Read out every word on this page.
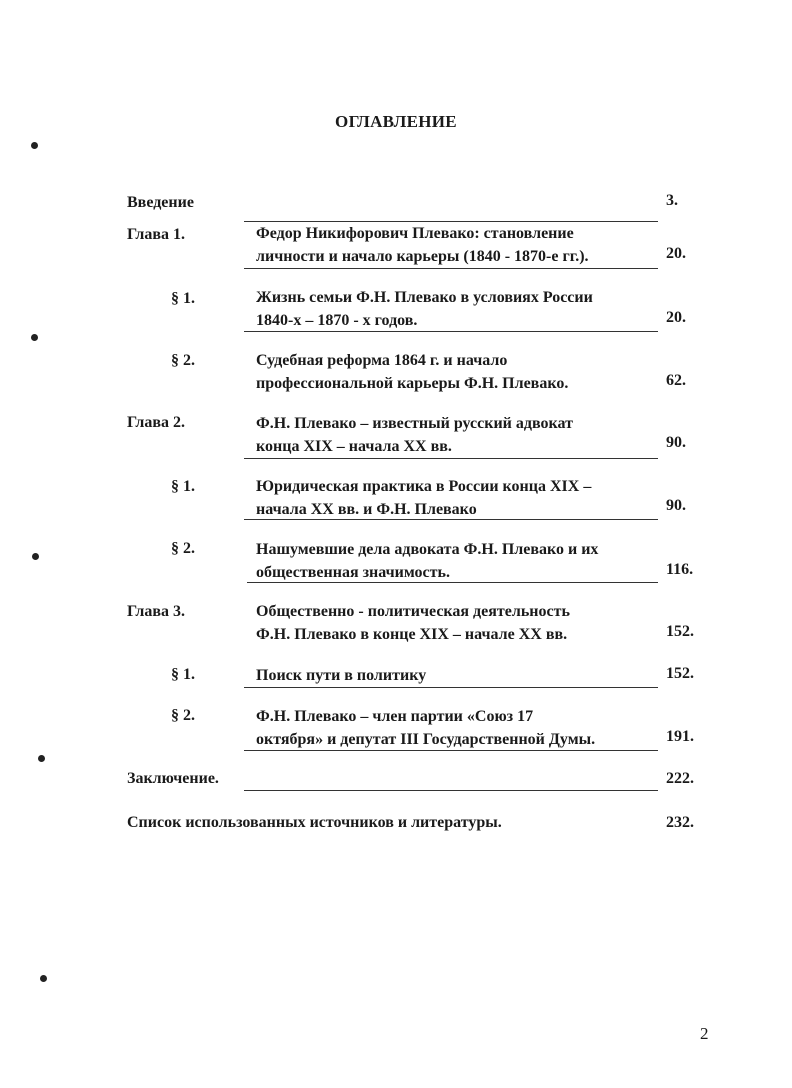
ОГЛАВЛЕНИЕ
Введение	3.
Глава 1.	Федор Никифорович Плевако: становление
личности и начало карьеры (1840 - 1870-е гг.).	20.
§ 1.	Жизнь семьи Ф.Н. Плевако в условиях России
1840-х – 1870 - х годов.	20.
§ 2.	Судебная реформа 1864 г. и начало
профессиональной карьеры Ф.Н. Плевако.	62.
Глава 2.	Ф.Н. Плевако – известный русский адвокат
конца XIX – начала XX вв.	90.
§ 1.	Юридическая практика в России конца XIX –
начала XX вв. и Ф.Н. Плевако	90.
§ 2.	Нашумевшие дела адвоката Ф.Н. Плевако и их
общественная значимость.	116.
Глава 3.	Общественно - политическая деятельность
Ф.Н. Плевако в конце XIX – начале XX вв.	152.
§ 1.	Поиск пути в политику	152.
§ 2.	Ф.Н. Плевако – член партии «Союз 17
октября» и депутат III Государственной Думы.	191.
Заключение.	222.
Список использованных источников и литературы.	232.
2
